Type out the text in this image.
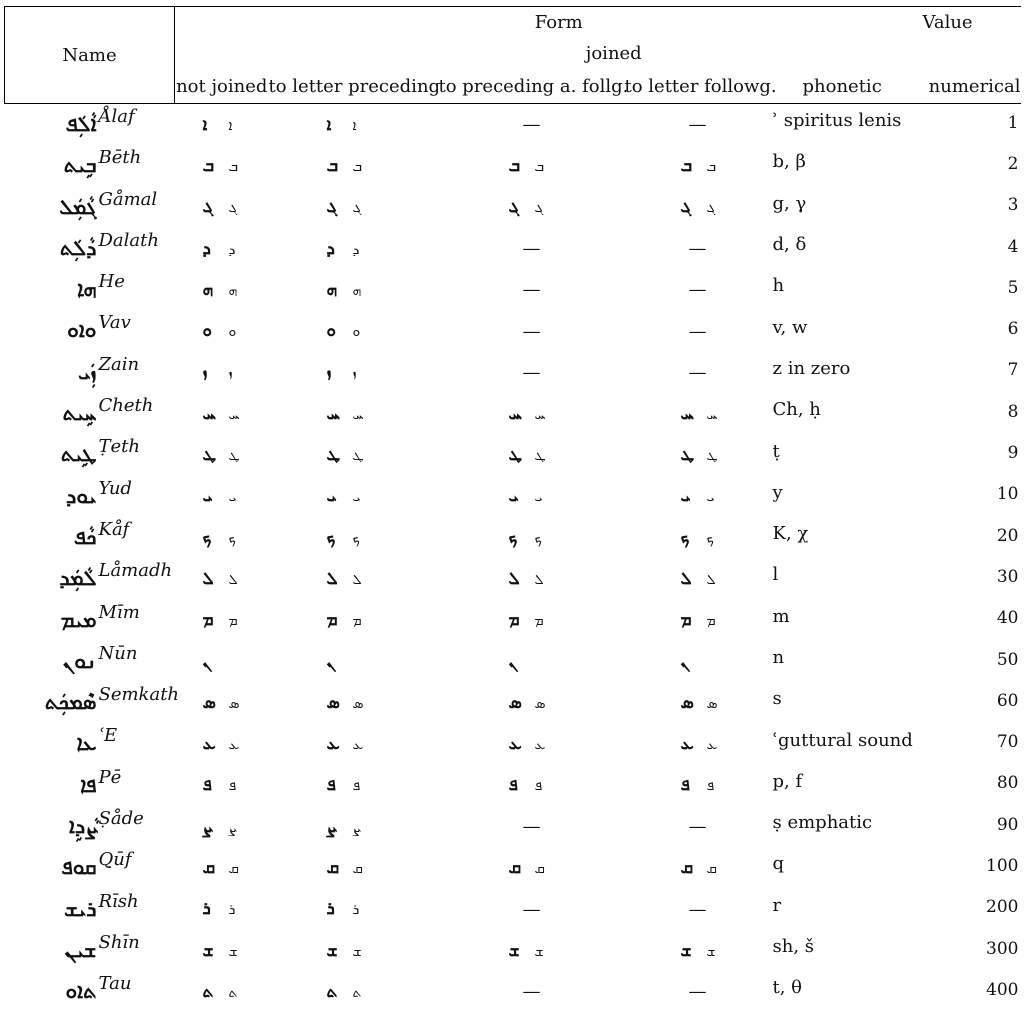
Name	Form					Value
	joined					
	not joined	to letter preceding	to preceding a. follg.	to letter followg.	phonetic	numerical

ܐܵܠܲܦ Ålaf	ܐ ܐ	ܐ ܐ	—	—	ʾ spiritus lenis	1

ܒܹܝܬ Bēth	ܒ ܒ	ܒ ܒ	ܒ ܒ	ܒ ܒ	b, β	2

ܓܵܡܲܠ Gåmal	ܓ ܓ	ܓ ܓ	ܓ ܓ	ܓ ܓ	g, γ	3

ܕܵܠܲܬ Dalath	ܕ ܕ	ܕ ܕ	—	—	d, δ	4

ܗܐ He	ܗ ܗ	ܗ ܗ	—	—	h	5

ܘܐܘ Vav	ܘ ܘ	ܘ ܘ	—	—	v, w	6

ܙܲܝ Zain	ܙ ܙ	ܙ ܙ	—	—	z in zero	7

ܚܹܝܬ Cheth	ܚ ܚ	ܚ ܚ	ܚ ܚ	ܚ ܚ	Ch, ḥ	8

ܛܹܝܬ Ṭeth	ܛ ܛ	ܛ ܛ	ܛ ܛ	ܛ ܛ	ṭ	9

ܝܘܕ Yud	ܝ ܝ	ܝ ܝ	ܝ ܝ	ܝ ܝ	y	10

ܟܵܦ Kåf	ܟ ܟ	ܟ ܟ	ܟ ܟ	ܟ ܟ	K, χ	20

ܠܵܡܲܕ Låmadh	ܠ ܠ	ܠ ܠ	ܠ ܠ	ܠ ܠ	l	30

ܡܝܡ Mīm	ܡ ܡ	ܡ ܡ	ܡ ܡ	ܡ ܡ	m	40

ܢܘܢ Nūn	ܢ	ܢ	ܢ	ܢ	n	50

ܣܶܡܟܲܬ Semkath	ܣ ܣ	ܣ ܣ	ܣ ܣ	ܣ ܣ	s	60

ܥܐ ʿE	ܥ ܥ	ܥ ܥ	ܥ ܥ	ܥ ܥ	ʿguttural sound	70

ܦܐ Pē	ܦ ܦ	ܦ ܦ	ܦ ܦ	ܦ ܦ	p, f	80

ܨܵܕܹܐ Ṣåde	ܨ ܨ	ܨ ܨ	—	—	ṣ emphatic	90

ܩܘܦ Qūf	ܩ ܩ	ܩ ܩ	ܩ ܩ	ܩ ܩ	q	100

ܪܝܫ Rīsh	ܪ ܪ	ܪ ܪ	—	—	r	200

ܫܝܢ Shīn	ܫ ܫ	ܫ ܫ	ܫ ܫ	ܫ ܫ	sh, š	300

ܬܐܘ Tau	ܬ ܬ	ܬ ܬ	—	—	t, θ	400
